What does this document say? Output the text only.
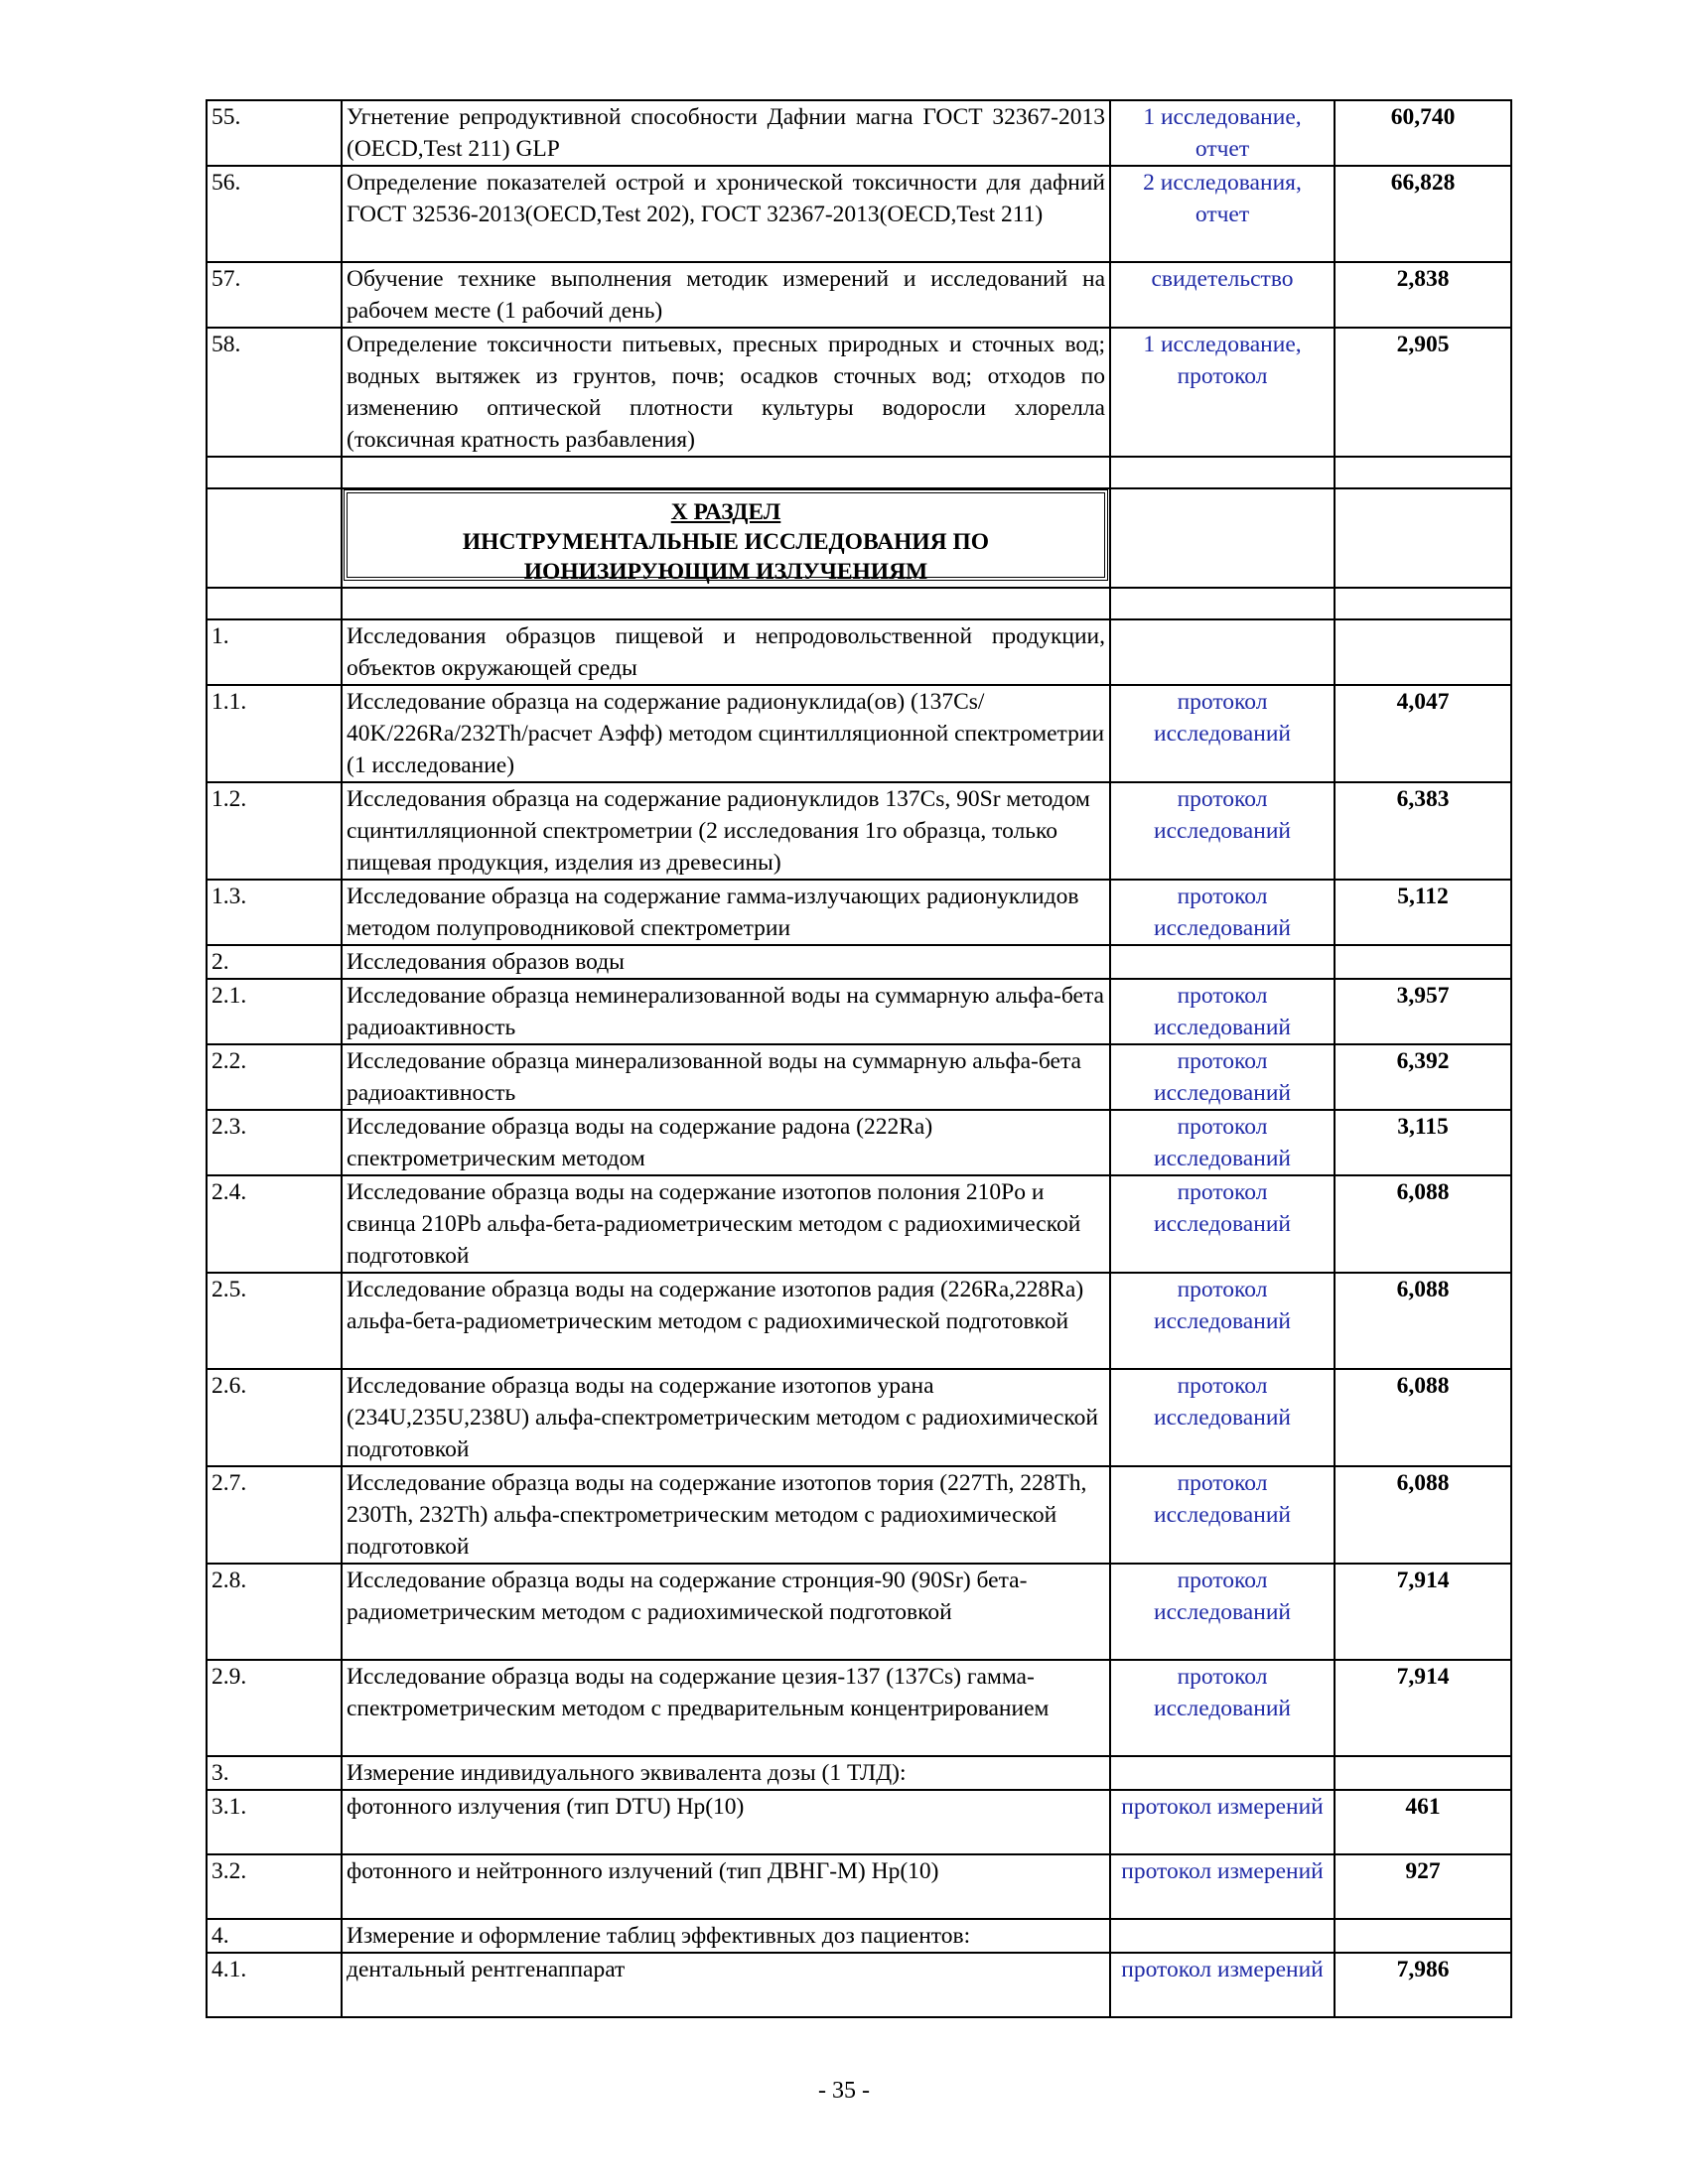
55.	Угнетение репродуктивной способности Дафнии магна ГОСТ 32367-2013 (OECD,Test 211) GLP	1 исследование, отчет	60,740
56.	Определение показателей острой и хронической токсичности для дафний ГОСТ 32536-2013(OECD,Test 202), ГОСТ 32367-2013(OECD,Test 211)	2 исследования, отчет	66,828
57.	Обучение технике выполнения методик измерений и исследований на рабочем месте (1 рабочий день)	свидетельство	2,838
58.	Определение токсичности питьевых, пресных природных и сточных вод; водных вытяжек из грунтов, почв; осадков сточных вод; отходов по изменению оптической плотности культуры водоросли хлорелла (токсичная кратность разбавления)	1 исследование, протокол	2,905

	X РАЗДЕЛ
ИНСТРУМЕНТАЛЬНЫЕ ИССЛЕДОВАНИЯ ПО
ИОНИЗИРУЮЩИМ ИЗЛУЧЕНИЯМ		

1.	Исследования образцов пищевой и непродовольственной продукции, объектов окружающей среды		
1.1.	Исследование образца на содержание радионуклида(ов) (137Cs/ 40K/226Ra/232Th/расчет Аэфф) методом сцинтилляционной спектрометрии (1 исследование)	протокол исследований	4,047
1.2.	Исследования образца на содержание радионуклидов 137Cs, 90Sr методом сцинтилляционной спектрометрии (2 исследования 1го образца, только пищевая продукция, изделия из древесины)	протокол исследований	6,383
1.3.	Исследование образца на содержание гамма-излучающих радионуклидов методом полупроводниковой спектрометрии	протокол исследований	5,112
2.	Исследования образов воды		
2.1.	Исследование образца неминерализованной воды на суммарную альфа-бета радиоактивность	протокол исследований	3,957
2.2.	Исследование образца минерализованной воды на суммарную альфа-бета радиоактивность	протокол исследований	6,392
2.3.	Исследование образца воды на содержание радона (222Ra) спектрометрическим методом	протокол исследований	3,115
2.4.	Исследование образца воды на содержание изотопов полония 210Po и свинца 210Pb альфа-бета-радиометрическим методом с радиохимической подготовкой	протокол исследований	6,088
2.5.	Исследование образца воды на содержание изотопов радия (226Ra,228Ra) альфа-бета-радиометрическим методом с радиохимической подготовкой	протокол исследований	6,088
2.6.	Исследование образца воды на содержание изотопов урана (234U,235U,238U) альфа-спектрометрическим методом с радиохимической подготовкой	протокол исследований	6,088
2.7.	Исследование образца воды на содержание изотопов тория (227Th, 228Th, 230Th, 232Th) альфа-спектрометрическим методом с радиохимической подготовкой	протокол исследований	6,088
2.8.	Исследование образца воды на содержание стронция-90 (90Sr) бета-радиометрическим методом с радиохимической подготовкой	протокол исследований	7,914
2.9.	Исследование образца воды на содержание цезия-137 (137Cs) гамма-спектрометрическим методом с предварительным концентрированием	протокол исследований	7,914
3.	Измерение индивидуального эквивалента дозы (1 ТЛД):		
3.1.	фотонного излучения (тип DTU) Hp(10)	протокол измерений	461
3.2.	фотонного и нейтронного излучений (тип ДВНГ-М) Hp(10)	протокол измерений	927
4.	Измерение и оформление таблиц эффективных доз пациентов:		
4.1.	дентальный рентгенаппарат	протокол измерений	7,986
- 35 -
